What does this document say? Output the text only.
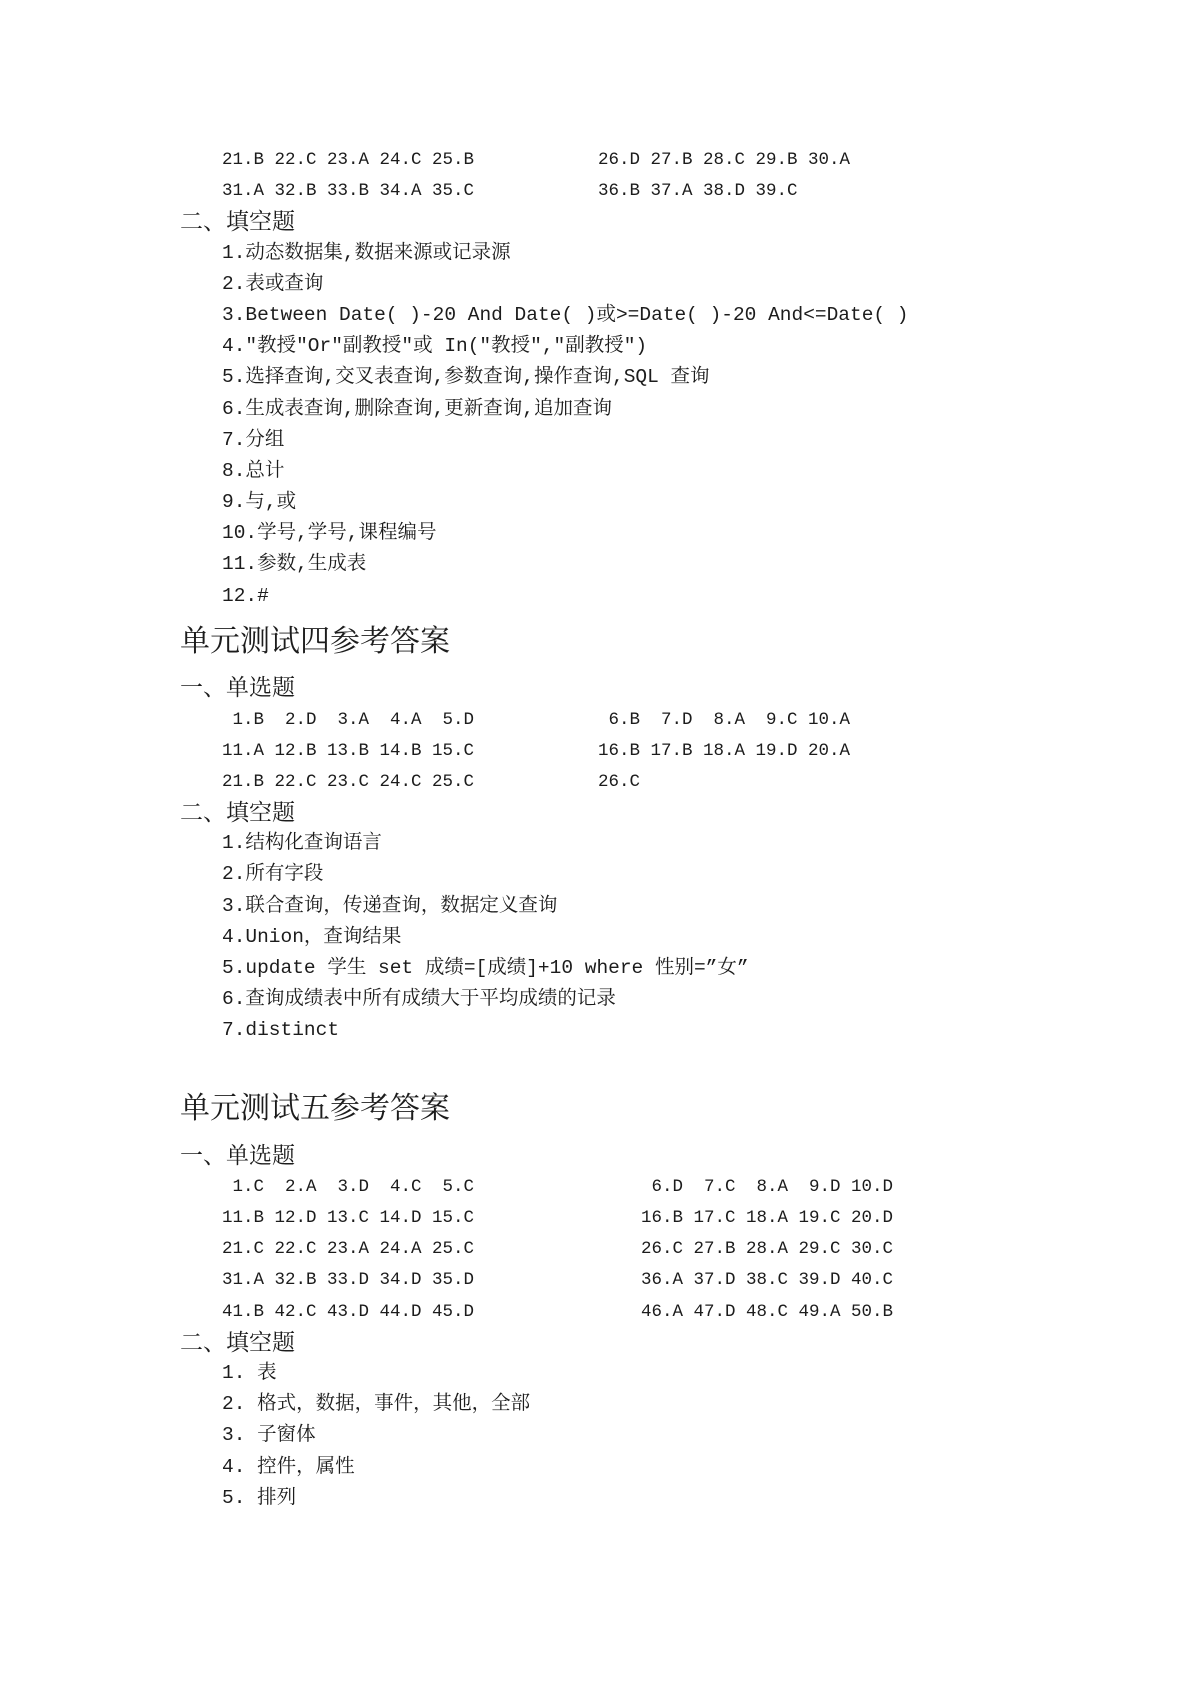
21.B 22.C 23.A 24.C 25.B	26.D 27.B 28.C 29.B 30.A
31.A 32.B 33.B 34.A 35.C	36.B 37.A 38.D 39.C
二、填空题
1.动态数据集,数据来源或记录源
2.表或查询
3.Between Date( )-20 And Date( )或>=Date( )-20 And<=Date( )
4."教授"Or"副教授"或 In("教授","副教授")
5.选择查询,交叉表查询,参数查询,操作查询,SQL 查询
6.生成表查询,删除查询,更新查询,追加查询
7.分组
8.总计
9.与,或
10.学号,学号,课程编号
11.参数,生成表
12.#
单元测试四参考答案
一、单选题
1.B 2.D 3.A 4.A 5.D	6.B 7.D 8.A 9.C 10.A
11.A 12.B 13.B 14.B 15.C	16.B 17.B 18.A 19.D 20.A
21.B 22.C 23.C 24.C 25.C	26.C
二、填空题
1.结构化查询语言
2.所有字段
3.联合查询，传递查询，数据定义查询
4.Union，查询结果
5.update 学生 set 成绩=[成绩]+10 where 性别=”女”
6.查询成绩表中所有成绩大于平均成绩的记录
7.distinct
单元测试五参考答案
一、单选题
1.C 2.A 3.D 4.C 5.C	6.D 7.C 8.A 9.D 10.D
11.B 12.D 13.C 14.D 15.C	16.B 17.C 18.A 19.C 20.D
21.C 22.C 23.A 24.A 25.C	26.C 27.B 28.A 29.C 30.C
31.A 32.B 33.D 34.D 35.D	36.A 37.D 38.C 39.D 40.C
41.B 42.C 43.D 44.D 45.D	46.A 47.D 48.C 49.A 50.B
二、填空题
1. 表
2. 格式，数据，事件，其他，全部
3. 子窗体
4. 控件，属性
5. 排列
